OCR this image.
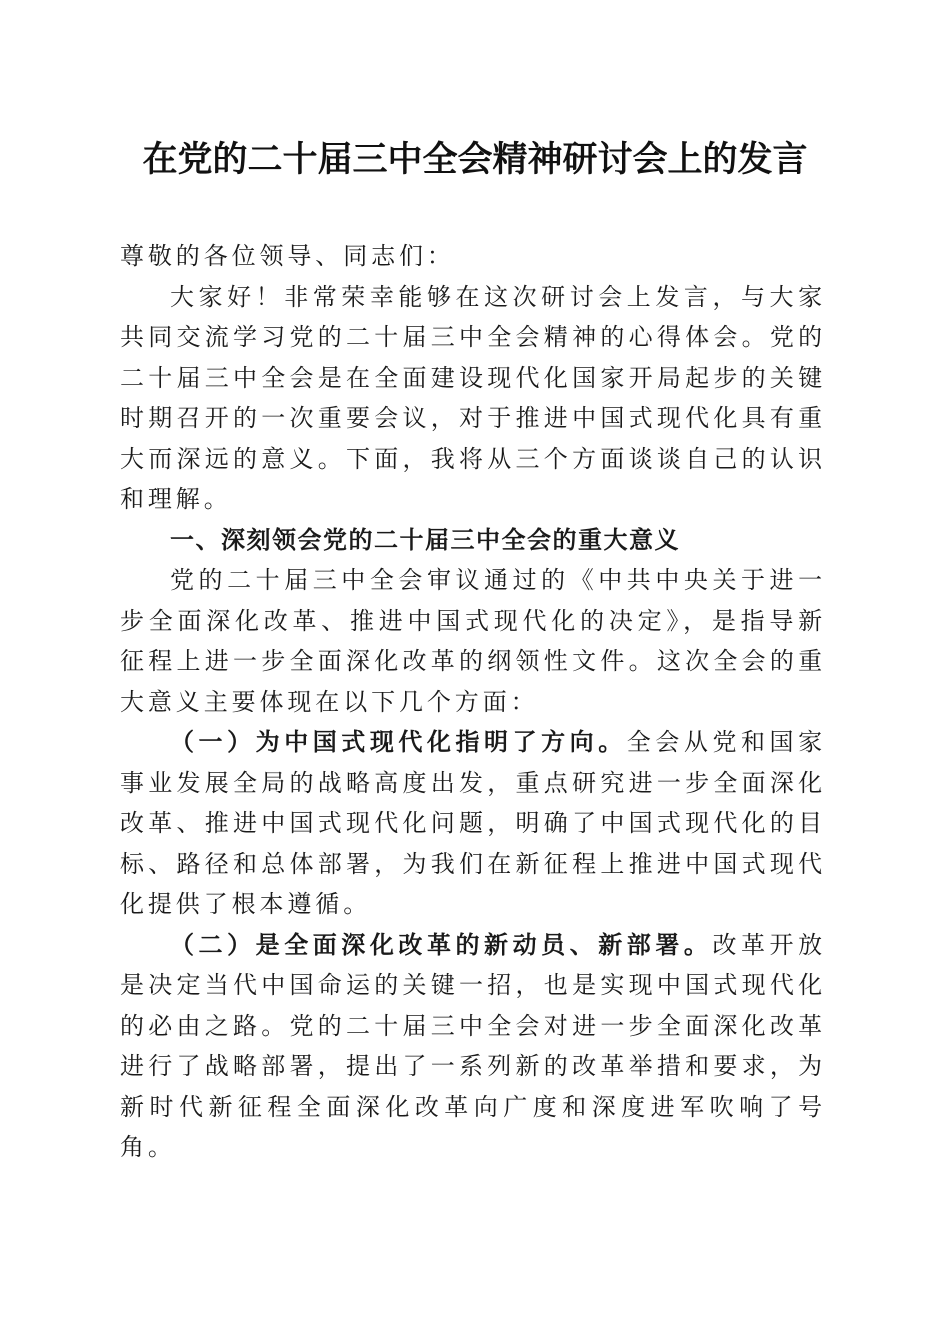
在党的二十届三中全会精神研讨会上的发言

尊敬的各位领导、同志们：

大家好！非常荣幸能够在这次研讨会上发言，与大家共同交流学习党的二十届三中全会精神的心得体会。党的二十届三中全会是在全面建设现代化国家开局起步的关键时期召开的一次重要会议，对于推进中国式现代化具有重大而深远的意义。下面，我将从三个方面谈谈自己的认识和理解。

一、深刻领会党的二十届三中全会的重大意义

党的二十届三中全会审议通过的《中共中央关于进一步全面深化改革、推进中国式现代化的决定》，是指导新征程上进一步全面深化改革的纲领性文件。这次全会的重大意义主要体现在以下几个方面：

（一）为中国式现代化指明了方向。全会从党和国家事业发展全局的战略高度出发，重点研究进一步全面深化改革、推进中国式现代化问题，明确了中国式现代化的目标、路径和总体部署，为我们在新征程上推进中国式现代化提供了根本遵循。

（二）是全面深化改革的新动员、新部署。改革开放是决定当代中国命运的关键一招，也是实现中国式现代化的必由之路。党的二十届三中全会对进一步全面深化改革进行了战略部署，提出了一系列新的改革举措和要求，为新时代新征程全面深化改革向广度和深度进军吹响了号角。
